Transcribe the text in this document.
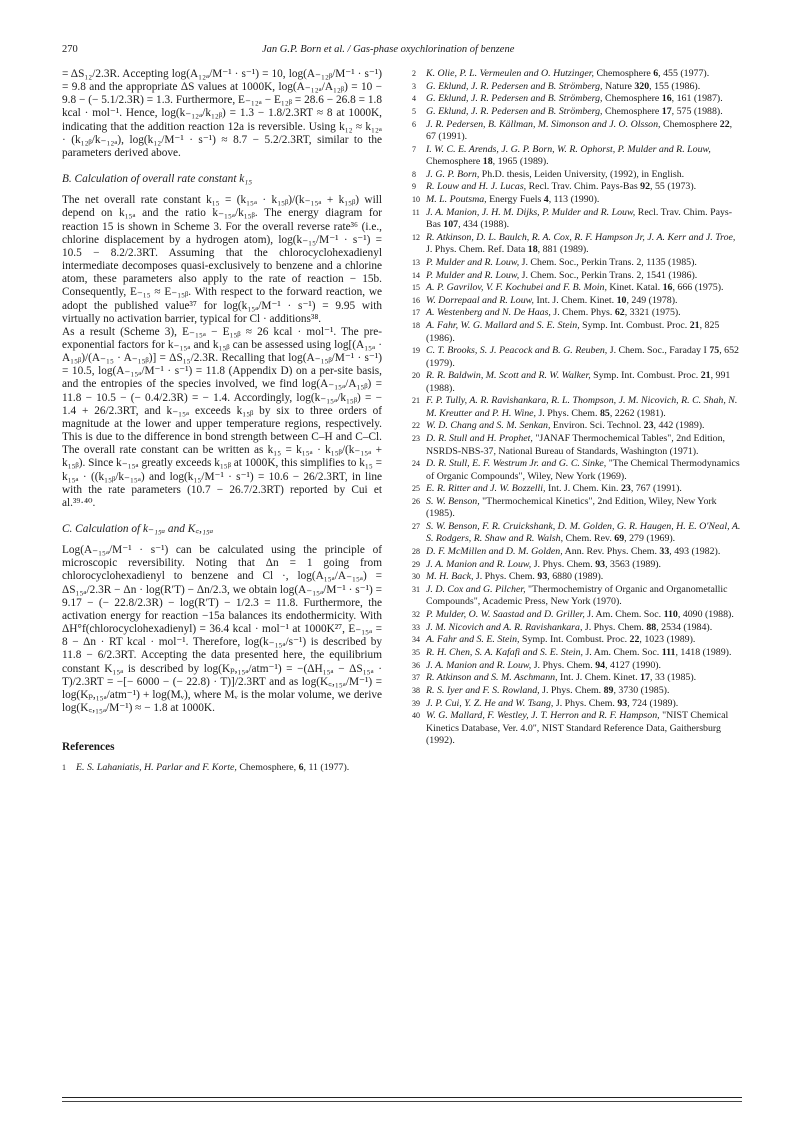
270	Jan G.P. Born et al. / Gas-phase oxychlorination of benzene

= ΔS₁₂/2.3R. Accepting log(A₁₂ₐ/M⁻¹ · s⁻¹) = 10, log(A₋₁₂ᵦ/M⁻¹ · s⁻¹) = 9.8 and the appropriate ΔS values at 1000K, log(A₋₁₂ₐ/A₁₂ᵦ) = 10 − 9.8 − (− 5.1/2.3R) = 1.3. Furthermore, E₋₁₂ₐ − E₁₂ᵦ = 28.6 − 26.8 = 1.8 kcal · mol⁻¹. Hence, log(k₋₁₂ₐ/k₁₂ᵦ) = 1.3 − 1.8/2.3RT ≈ 8 at 1000K, indicating that the addition reaction 12a is reversible. Using k₁₂ ≈ k₁₂ₐ · (k₁₂ᵦ/k₋₁₂ₐ), log(k₁₂/M⁻¹ · s⁻¹) ≈ 8.7 − 5.2/2.3RT, similar to the parameters derived above.

B. Calculation of overall rate constant k₁₅

The net overall rate constant k₁₅ = (k₁₅ₐ · k₁₅ᵦ)/(k₋₁₅ₐ + k₁₅ᵦ) will depend on k₁₅ₐ and the ratio k₋₁₅ₐ/k₁₅ᵦ. The energy diagram for reaction 15 is shown in Scheme 3. For the overall reverse rate³⁶ (i.e., chlorine displacement by a hydrogen atom), log(k₋₁₅/M⁻¹ · s⁻¹) = 10.5 − 8.2/2.3RT. Assuming that the chlorocyclohexadienyl intermediate decomposes quasi-exclusively to benzene and a chlorine atom, these parameters also apply to the rate of reaction − 15b. Consequently, E₋₁₅ ≈ E₋₁₅ᵦ. With respect to the forward reaction, we adopt the published value³⁷ for log(k₁₅ₐ/M⁻¹ · s⁻¹) = 9.95 with virtually no activation barrier, typical for Cl · additions³⁸.

As a result (Scheme 3), E₋₁₅ₐ − E₁₅ᵦ ≈ 26 kcal · mol⁻¹. The pre-exponential factors for k₋₁₅ₐ and k₁₅ᵦ can be assessed using log[(A₁₅ₐ · A₁₅ᵦ)/(A₋₁₅ · A₋₁₅ᵦ)] = ΔS₁₅/2.3R. Recalling that log(A₋₁₅ᵦ/M⁻¹ · s⁻¹) = 10.5, log(A₋₁₅ₐ/M⁻¹ · s⁻¹) = 11.8 (Appendix D) on a per-site basis, and the entropies of the species involved, we find log(A₋₁₅ₐ/A₁₅ᵦ) = 11.8 − 10.5 − (− 0.4/2.3R) = − 1.4. Accordingly, log(k₋₁₅ₐ/k₁₅ᵦ) = − 1.4 + 26/2.3RT, and k₋₁₅ₐ exceeds k₁₅ᵦ by six to three orders of magnitude at the lower and upper temperature regions, respectively. This is due to the difference in bond strength between C–H and C–Cl. The overall rate constant can be written as k₁₅ = k₁₅ₐ · k₁₅ᵦ/(k₋₁₅ₐ + k₁₅ᵦ). Since k₋₁₅ₐ greatly exceeds k₁₅ᵦ at 1000K, this simplifies to k₁₅ = k₁₅ₐ · ((k₁₅ᵦ/k₋₁₅ₐ) and log(k₁₅/M⁻¹ · s⁻¹) = 10.6 − 26/2.3RT, in line with the rate parameters (10.7 − 26.7/2.3RT) reported by Cui et al.³⁹·⁴⁰.

C. Calculation of k₋₁₅ₐ and K꜀,₁₅ₐ

Log(A₋₁₅ₐ/M⁻¹ · s⁻¹) can be calculated using the principle of microscopic reversibility. Noting that Δn = 1 going from chlorocyclohexadienyl to benzene and Cl ·, log(A₁₅ₐ/A₋₁₅ₐ) = ΔS₁₅ₐ/2.3R − Δn · log(R′T) − Δn/2.3, we obtain log(A₋₁₅ₐ/M⁻¹ · s⁻¹) = 9.17 − (− 22.8/2.3R) − log(R′T) − 1/2.3 = 11.8. Furthermore, the activation energy for reaction −15a balances its endothermicity. With ΔH°f(chlorocyclohexadienyl) = 36.4 kcal · mol⁻¹ at 1000K²⁷, E₋₁₅ₐ = 8 − Δn · RT kcal · mol⁻¹. Therefore, log(k₋₁₅ₐ/s⁻¹) is described by 11.8 − 6/2.3RT. Accepting the data presented here, the equilibrium constant K₁₅ₐ is described by log(Kₚ,₁₅ₐ/atm⁻¹) = −(ΔH₁₅ₐ − ΔS₁₅ₐ · T)/2.3RT = −[− 6000 − (− 22.8) · T)]/2.3RT and as log(K꜀,₁₅ₐ/M⁻¹) = log(Kₚ,₁₅ₐ/atm⁻¹) + log(Mᵥ), where Mᵥ is the molar volume, we derive log(K꜀,₁₅ₐ/M⁻¹) ≈ − 1.8 at 1000K.

References

1	E. S. Lahaniatis, H. Parlar and F. Korte, Chemosphere, 6, 11 (1977).
2	K. Olie, P. L. Vermeulen and O. Hutzinger, Chemosphere 6, 455 (1977).
3	G. Eklund, J. R. Pedersen and B. Strömberg, Nature 320, 155 (1986).
4	G. Eklund, J. R. Pedersen and B. Strömberg, Chemosphere 16, 161 (1987).
5	G. Eklund, J. R. Pedersen and B. Strömberg, Chemosphere 17, 575 (1988).
6	J. R. Pedersen, B. Källman, M. Simonson and J. O. Olsson, Chemosphere 22, 67 (1991).
7	I. W. C. E. Arends, J. G. P. Born, W. R. Ophorst, P. Mulder and R. Louw, Chemosphere 18, 1965 (1989).
8	J. G. P. Born, Ph.D. thesis, Leiden University, (1992), in English.
9	R. Louw and H. J. Lucas, Recl. Trav. Chim. Pays-Bas 92, 55 (1973).
10 M. L. Poutsma, Energy Fuels 4, 113 (1990).
11 J. A. Manion, J. H. M. Dijks, P. Mulder and R. Louw, Recl. Trav. Chim. Pays-Bas 107, 434 (1988).
12 R. Atkinson, D. L. Baulch, R. A. Cox, R. F. Hampson Jr, J. A. Kerr and J. Troe, J. Phys. Chem. Ref. Data 18, 881 (1989).
13 P. Mulder and R. Louw, J. Chem. Soc., Perkin Trans. 2, 1135 (1985).
14 P. Mulder and R. Louw, J. Chem. Soc., Perkin Trans. 2, 1541 (1986).
15 A. P. Gavrilov, V. F. Kochubei and F. B. Moin, Kinet. Katal. 16, 666 (1975).
16 W. Dorrepaal and R. Louw, Int. J. Chem. Kinet. 10, 249 (1978).
17 A. Westenberg and N. De Haas, J. Chem. Phys. 62, 3321 (1975).
18 A. Fahr, W. G. Mallard and S. E. Stein, Symp. Int. Combust. Proc. 21, 825 (1986).
19 C. T. Brooks, S. J. Peacock and B. G. Reuben, J. Chem. Soc., Faraday I 75, 652 (1979).
20 R. R. Baldwin, M. Scott and R. W. Walker, Symp. Int. Combust. Proc. 21, 991 (1988).
21 F. P. Tully, A. R. Ravishankara, R. L. Thompson, J. M. Nicovich, R. C. Shah, N. M. Kreutter and P. H. Wine, J. Phys. Chem. 85, 2262 (1981).
22 W. D. Chang and S. M. Senkan, Environ. Sci. Technol. 23, 442 (1989).
23 D. R. Stull and H. Prophet, "JANAF Thermochemical Tables", 2nd Edition, NSRDS-NBS-37, National Bureau of Standards, Washington (1971).
24 D. R. Stull, E. F. Westrum Jr. and G. C. Sinke, "The Chemical Thermodynamics of Organic Compounds", Wiley, New York (1969).
25 E. R. Ritter and J. W. Bozzelli, Int. J. Chem. Kin. 23, 767 (1991).
26 S. W. Benson, "Thermochemical Kinetics", 2nd Edition, Wiley, New York (1985).
27 S. W. Benson, F. R. Cruickshank, D. M. Golden, G. R. Haugen, H. E. O'Neal, A. S. Rodgers, R. Shaw and R. Walsh, Chem. Rev. 69, 279 (1969).
28 D. F. McMillen and D. M. Golden, Ann. Rev. Phys. Chem. 33, 493 (1982).
29 J. A. Manion and R. Louw, J. Phys. Chem. 93, 3563 (1989).
30 M. H. Back, J. Phys. Chem. 93, 6880 (1989).
31 J. D. Cox and G. Pilcher, "Thermochemistry of Organic and Organometallic Compounds", Academic Press, New York (1970).
32 P. Mulder, O. W. Saastad and D. Griller, J. Am. Chem. Soc. 110, 4090 (1988).
33 J. M. Nicovich and A. R. Ravishankara, J. Phys. Chem. 88, 2534 (1984).
34 A. Fahr and S. E. Stein, Symp. Int. Combust. Proc. 22, 1023 (1989).
35 R. H. Chen, S. A. Kafafi and S. E. Stein, J. Am. Chem. Soc. 111, 1418 (1989).
36 J. A. Manion and R. Louw, J. Phys. Chem. 94, 4127 (1990).
37 R. Atkinson and S. M. Aschmann, Int. J. Chem. Kinet. 17, 33 (1985).
38 R. S. Iyer and F. S. Rowland, J. Phys. Chem. 89, 3730 (1985).
39 J. P. Cui, Y. Z. He and W. Tsang, J. Phys. Chem. 93, 724 (1989).
40 W. G. Mallard, F. Westley, J. T. Herron and R. F. Hampson, "NIST Chemical Kinetics Database, Ver. 4.0", NIST Standard Reference Data, Gaithersburg (1992).
